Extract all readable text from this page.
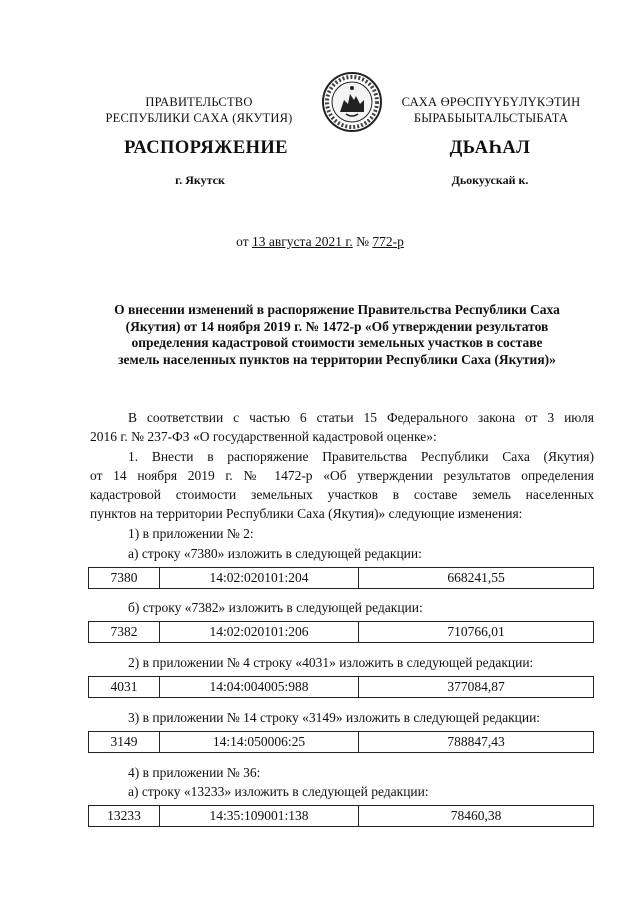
ПРАВИТЕЛЬСТВО
РЕСПУБЛИКИ САХА (ЯКУТИЯ)
САХА ӨРӨСПҮҮБҮЛҮКЭТИН
БЫРАБЫЫТАЛЬСТЫБАТА
РАСПОРЯЖЕНИЕ	ДЬАҺАЛ
г. Якутск	Дьокуускай к.
от 13 августа 2021 г. № 772-р
О внесении изменений в распоряжение Правительства Республики Саха
(Якутия) от 14 ноября 2019 г. № 1472-р «Об утверждении результатов
определения кадастровой стоимости земельных участков в составе
земель населенных пунктов на территории Республики Саха (Якутия)»
В соответствии с частью 6 статьи 15 Федерального закона от 3 июля
2016 г. № 237-ФЗ «О государственной кадастровой оценке»:
1. Внести в распоряжение Правительства Республики Саха (Якутия)
от 14 ноября 2019 г. № 1472-р «Об утверждении результатов определения
кадастровой стоимости земельных участков в составе земель населенных
пунктов на территории Республики Саха (Якутия)» следующие изменения:
1) в приложении № 2:
а) строку «7380» изложить в следующей редакции:
7380	14:02:020101:204	668241,55
б) строку «7382» изложить в следующей редакции:
7382	14:02:020101:206	710766,01
2) в приложении № 4 строку «4031» изложить в следующей редакции:
4031	14:04:004005:988	377084,87
3) в приложении № 14 строку «3149» изложить в следующей редакции:
3149	14:14:050006:25	788847,43
4) в приложении № 36:
а) строку «13233» изложить в следующей редакции:
13233	14:35:109001:138	78460,38
